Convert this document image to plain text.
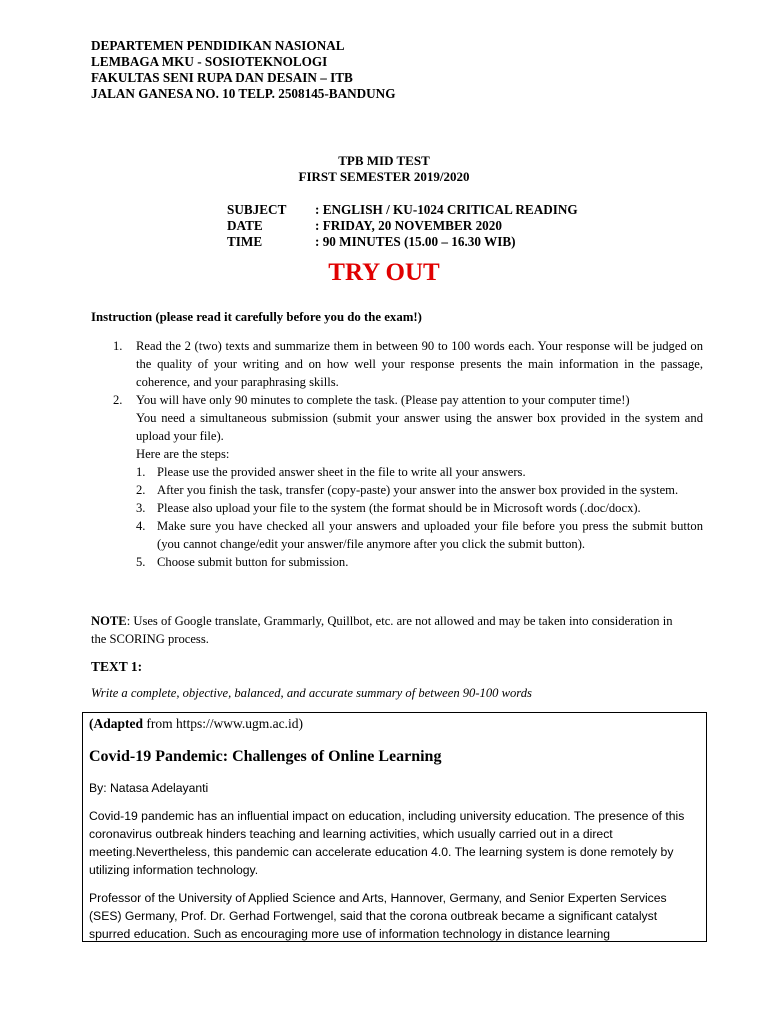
DEPARTEMEN PENDIDIKAN NASIONAL
LEMBAGA MKU - SOSIOTEKNOLOGI
FAKULTAS SENI RUPA DAN DESAIN – ITB
JALAN GANESA NO. 10 TELP. 2508145-BANDUNG
TPB MID TEST
FIRST SEMESTER 2019/2020
SUBJECT	: ENGLISH / KU-1024 CRITICAL READING
DATE	: FRIDAY, 20 NOVEMBER 2020
TIME	: 90 MINUTES (15.00 – 16.30 WIB)
TRY OUT
Instruction (please read it carefully before you do the exam!)
1.	Read the 2 (two) texts and summarize them in between 90 to 100 words each. Your response will be judged on the quality of your writing and on how well your response presents the main information in the passage, coherence, and your paraphrasing skills.
2.	You will have only 90 minutes to complete the task. (Please pay attention to your computer time!)
You need a simultaneous submission (submit your answer using the answer box provided in the system and upload your file).
Here are the steps:
1. Please use the provided answer sheet in the file to write all your answers.
2. After you finish the task, transfer (copy-paste) your answer into the answer box provided in the system.
3. Please also upload your file to the system (the format should be in Microsoft words (.doc/docx).
4. Make sure you have checked all your answers and uploaded your file before you press the submit button (you cannot change/edit your answer/file anymore after you click the submit button).
5. Choose submit button for submission.
NOTE: Uses of Google translate, Grammarly, Quillbot, etc. are not allowed and may be taken into consideration in the SCORING process.
TEXT 1:
Write a complete, objective, balanced, and accurate summary of between 90-100 words
(Adapted from https://www.ugm.ac.id)
Covid-19 Pandemic: Challenges of Online Learning
By: Natasa Adelayanti
Covid-19 pandemic has an influential impact on education, including university education. The presence of this coronavirus outbreak hinders teaching and learning activities, which usually carried out in a direct meeting.Nevertheless, this pandemic can accelerate education 4.0. The learning system is done remotely by utilizing information technology.
Professor of the University of Applied Science and Arts, Hannover, Germany, and Senior Experten Services (SES) Germany, Prof. Dr. Gerhad Fortwengel, said that the corona outbreak became a significant catalyst spurred education. Such as encouraging more use of information technology in distance learning
